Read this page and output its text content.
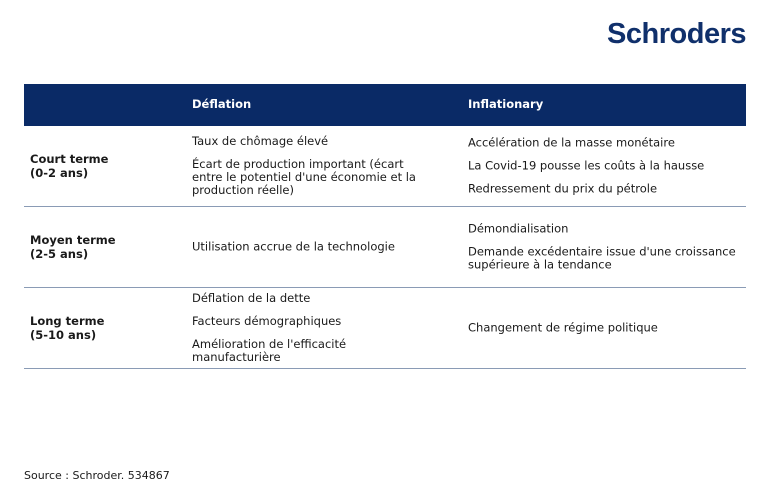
Schroders
Déflation	Inflationary
Court terme
(0-2 ans)

Taux de chômage élevé

Écart de production important (écart entre le potentiel d'une économie et la production réelle)

Accélération de la masse monétaire

La Covid-19 pousse les coûts à la hausse

Redressement du prix du pétrole

Moyen terme
(2-5 ans)

Utilisation accrue de la technologie

Démondialisation

Demande excédentaire issue d'une croissance supérieure à la tendance

Long terme
(5-10 ans)

Déflation de la dette

Facteurs démographiques

Amélioration de l'efficacité manufacturière

Changement de régime politique

Source : Schroder. 534867
